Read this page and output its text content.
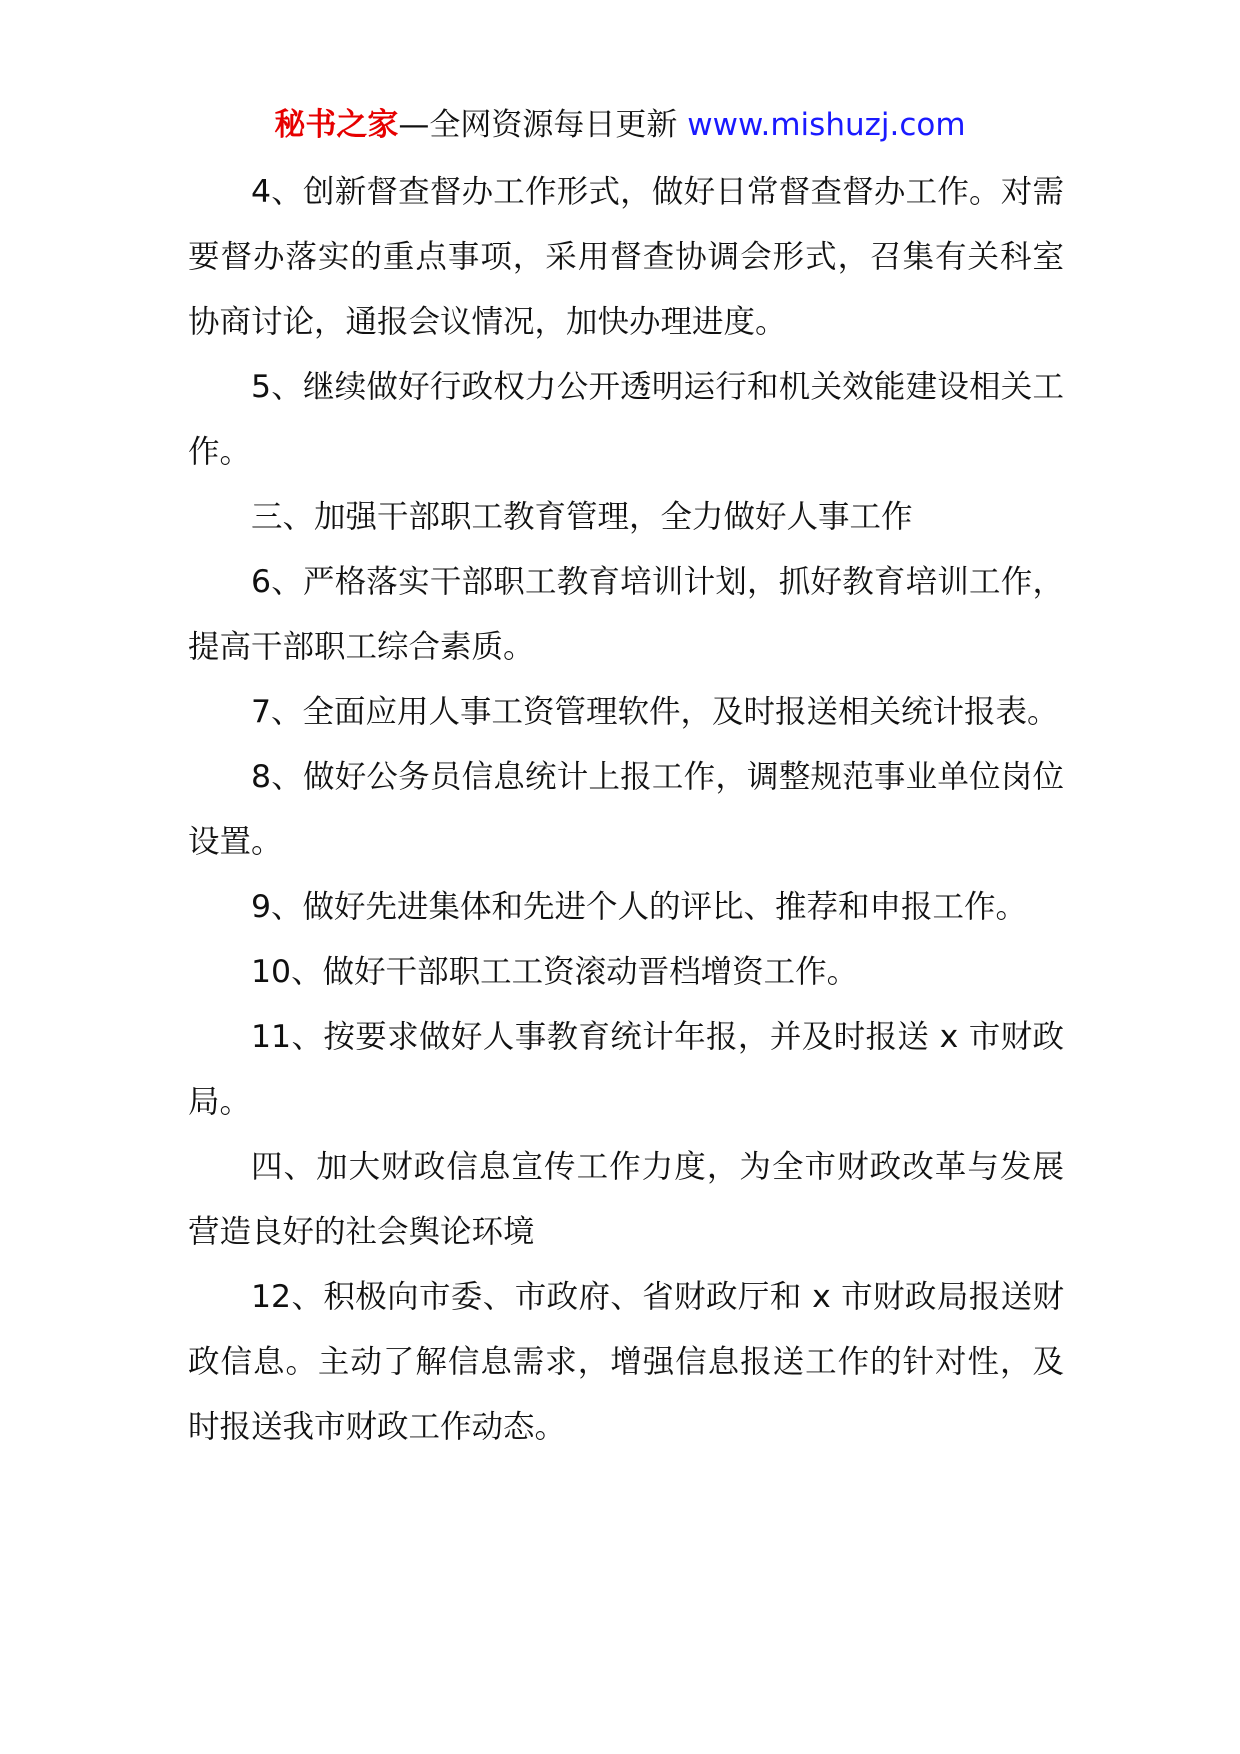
秘书之家—全网资源每日更新 www.mishuzj.com

4、创新督查督办工作形式，做好日常督查督办工作。对需要督办落实的重点事项，采用督查协调会形式，召集有关科室协商讨论，通报会议情况，加快办理进度。

5、继续做好行政权力公开透明运行和机关效能建设相关工作。

三、加强干部职工教育管理，全力做好人事工作

6、严格落实干部职工教育培训计划，抓好教育培训工作，提高干部职工综合素质。

7、全面应用人事工资管理软件，及时报送相关统计报表。

8、做好公务员信息统计上报工作，调整规范事业单位岗位设置。

9、做好先进集体和先进个人的评比、推荐和申报工作。

10、做好干部职工工资滚动晋档增资工作。

11、按要求做好人事教育统计年报，并及时报送 x 市财政局。

四、加大财政信息宣传工作力度，为全市财政改革与发展营造良好的社会舆论环境

12、积极向市委、市政府、省财政厅和 x 市财政局报送财政信息。主动了解信息需求，增强信息报送工作的针对性，及时报送我市财政工作动态。
